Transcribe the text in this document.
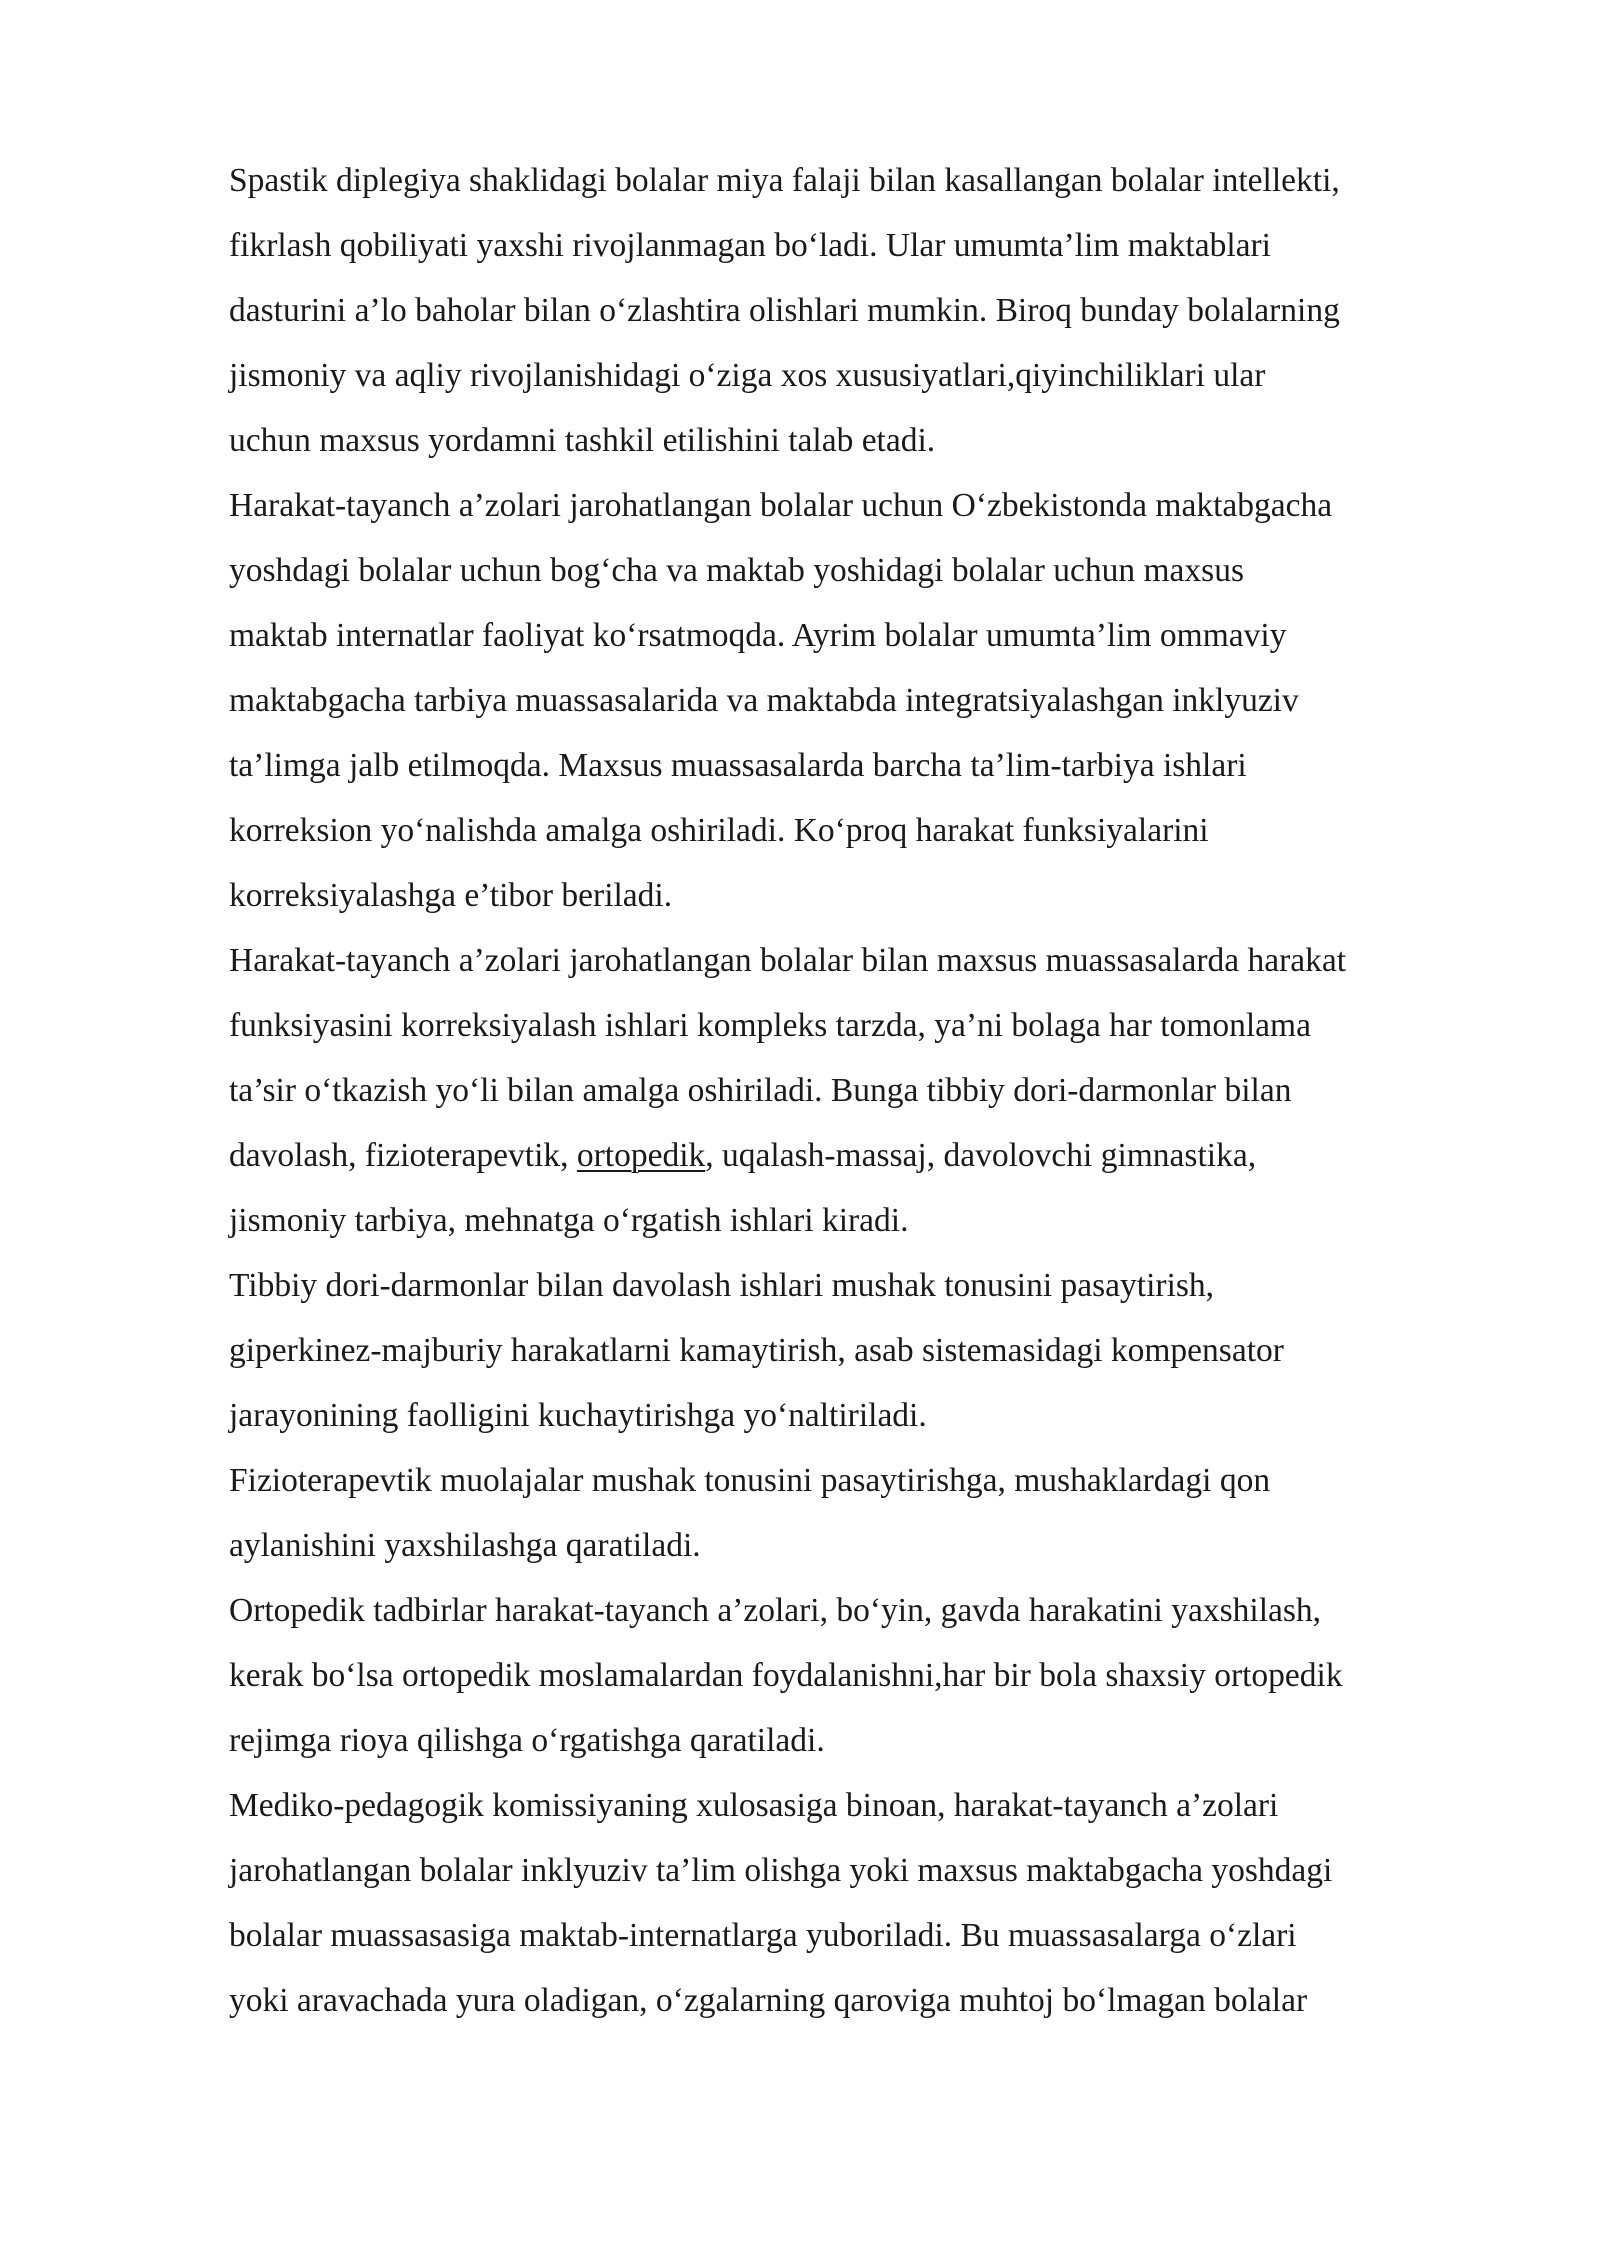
Spastik diplegiya shaklidagi bolalar miya falaji bilan kasallangan bolalar intellekti,
fikrlash qobiliyati yaxshi rivojlanmagan bo‘ladi. Ular umumta’lim maktablari
dasturini a’lo baholar bilan o‘zlashtira olishlari mumkin. Biroq bunday bolalarning
jismoniy va aqliy rivojlanishidagi o‘ziga xos xususiyatlari,qiyinchiliklari ular
uchun maxsus yordamni tashkil etilishini talab etadi.
Harakat-tayanch a’zolari jarohatlangan bolalar uchun O‘zbekistonda maktabgacha
yoshdagi bolalar uchun bog‘cha va maktab yoshidagi bolalar uchun maxsus
maktab internatlar faoliyat ko‘rsatmoqda. Ayrim bolalar umumta’lim ommaviy
maktabgacha tarbiya muassasalarida va maktabda integratsiyalashgan inklyuziv
ta’limga jalb etilmoqda. Maxsus muassasalarda barcha ta’lim-tarbiya ishlari
korreksion yo‘nalishda amalga oshiriladi. Ko‘proq harakat funksiyalarini
korreksiyalashga e’tibor beriladi.
Harakat-tayanch a’zolari jarohatlangan bolalar bilan maxsus muassasalarda harakat
funksiyasini korreksiyalash ishlari kompleks tarzda, ya’ni bolaga har tomonlama
ta’sir o‘tkazish yo‘li bilan amalga oshiriladi. Bunga tibbiy dori-darmonlar bilan
davolash, fizioterapevtik, ortopedik, uqalash-massaj, davolovchi gimnastika,
jismoniy tarbiya, mehnatga o‘rgatish ishlari kiradi.
Tibbiy dori-darmonlar bilan davolash ishlari mushak tonusini pasaytirish,
giperkinez-majburiy harakatlarni kamaytirish, asab sistemasidagi kompensator
jarayonining faolligini kuchaytirishga yo‘naltiriladi.
Fizioterapevtik muolajalar mushak tonusini pasaytirishga, mushaklardagi qon
aylanishini yaxshilashga qaratiladi.
Ortopedik tadbirlar harakat-tayanch a’zolari, bo‘yin, gavda harakatini yaxshilash,
kerak bo‘lsa ortopedik moslamalardan foydalanishni,har bir bola shaxsiy ortopedik
rejimga rioya qilishga o‘rgatishga qaratiladi.
Mediko-pedagogik komissiyaning xulosasiga binoan, harakat-tayanch a’zolari
jarohatlangan bolalar inklyuziv ta’lim olishga yoki maxsus maktabgacha yoshdagi
bolalar muassasasiga maktab-internatlarga yuboriladi. Bu muassasalarga o‘zlari
yoki aravachada yura oladigan, o‘zgalarning qaroviga muhtoj bo‘lmagan bolalar
